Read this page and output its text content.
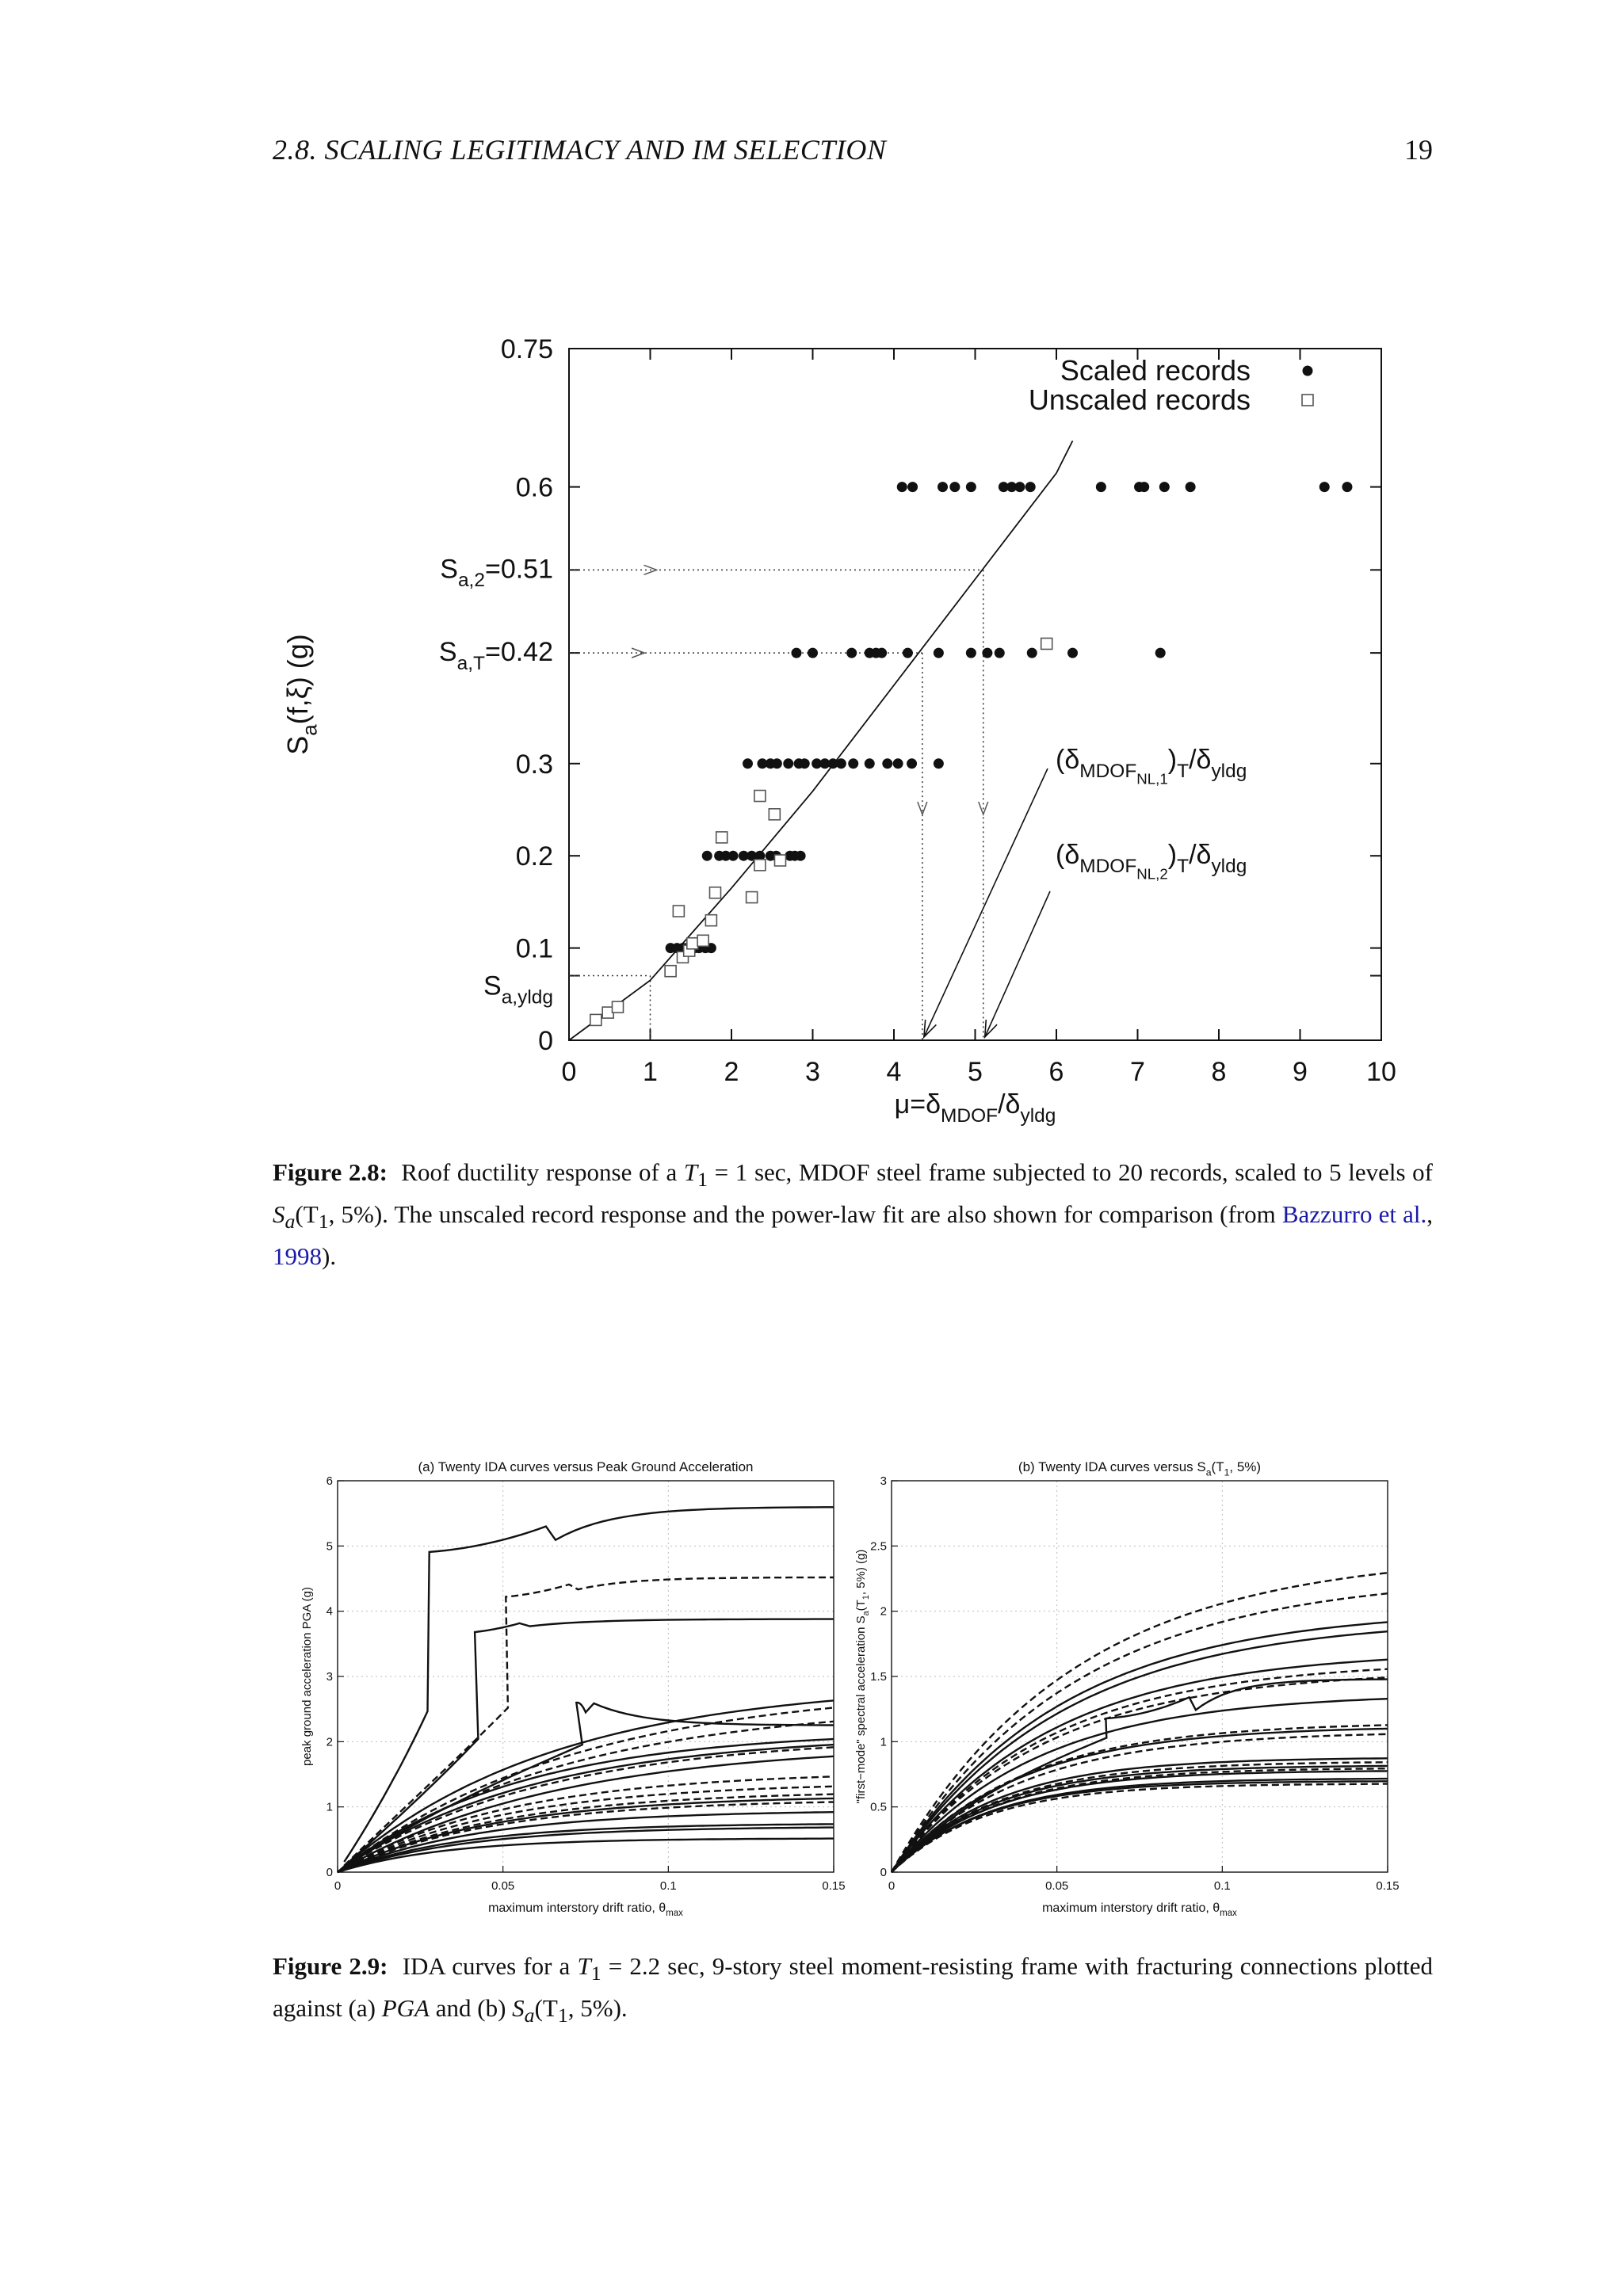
2.8. SCALING LEGITIMACY AND IM SELECTION	19
0 1 2 3 4 5 6 7 8 9 10
0
0.1
0.2
0.3
0.6
0.75
$S_{a,yldg}$
$S_{a,T}=0.42$
$S_{a,2}=0.51$
Scaled records
Unscaled records
$(\delta_{MDOFNL,1})_T/\delta_{yldg}$
$(\delta_{MDOFNL,2})_T/\delta_{yldg}$
$\mu=\delta_{MDOF}/\delta_{yldg}$
$S_a(f,\xi)$ (g)
0	0.05	0.1	0.15
0
1
2
3
4
5
6
(a) Twenty IDA curves versus Peak Ground Acceleration
maximum interstory drift ratio, $\theta_{max}$
peak ground acceleration PGA (g)
0	0.05	0.1	0.15
0
0.5
1
1.5
2
2.5
3
(b) Twenty IDA curves versus $S_a(T_1$, 5%)
maximum interstory drift ratio, $\theta_{max}$
"first−mode" spectral acceleration $S_a(T_1$, 5%) (g)
Figure 2.8: Roof ductility response of a $T_1 = 1$ sec, MDOF steel frame subjected to 20 records, scaled to 5 levels of $S_a(T_1$, 5%). The unscaled record response and the power-law fit are also shown for comparison (from Bazzurro et al., 1998).
Figure 2.9: IDA curves for a $T_1 = 2.2$ sec, 9-story steel moment-resisting frame with fracturing connections plotted against (a) PGA and (b) $S_a(T_1$, 5%).
